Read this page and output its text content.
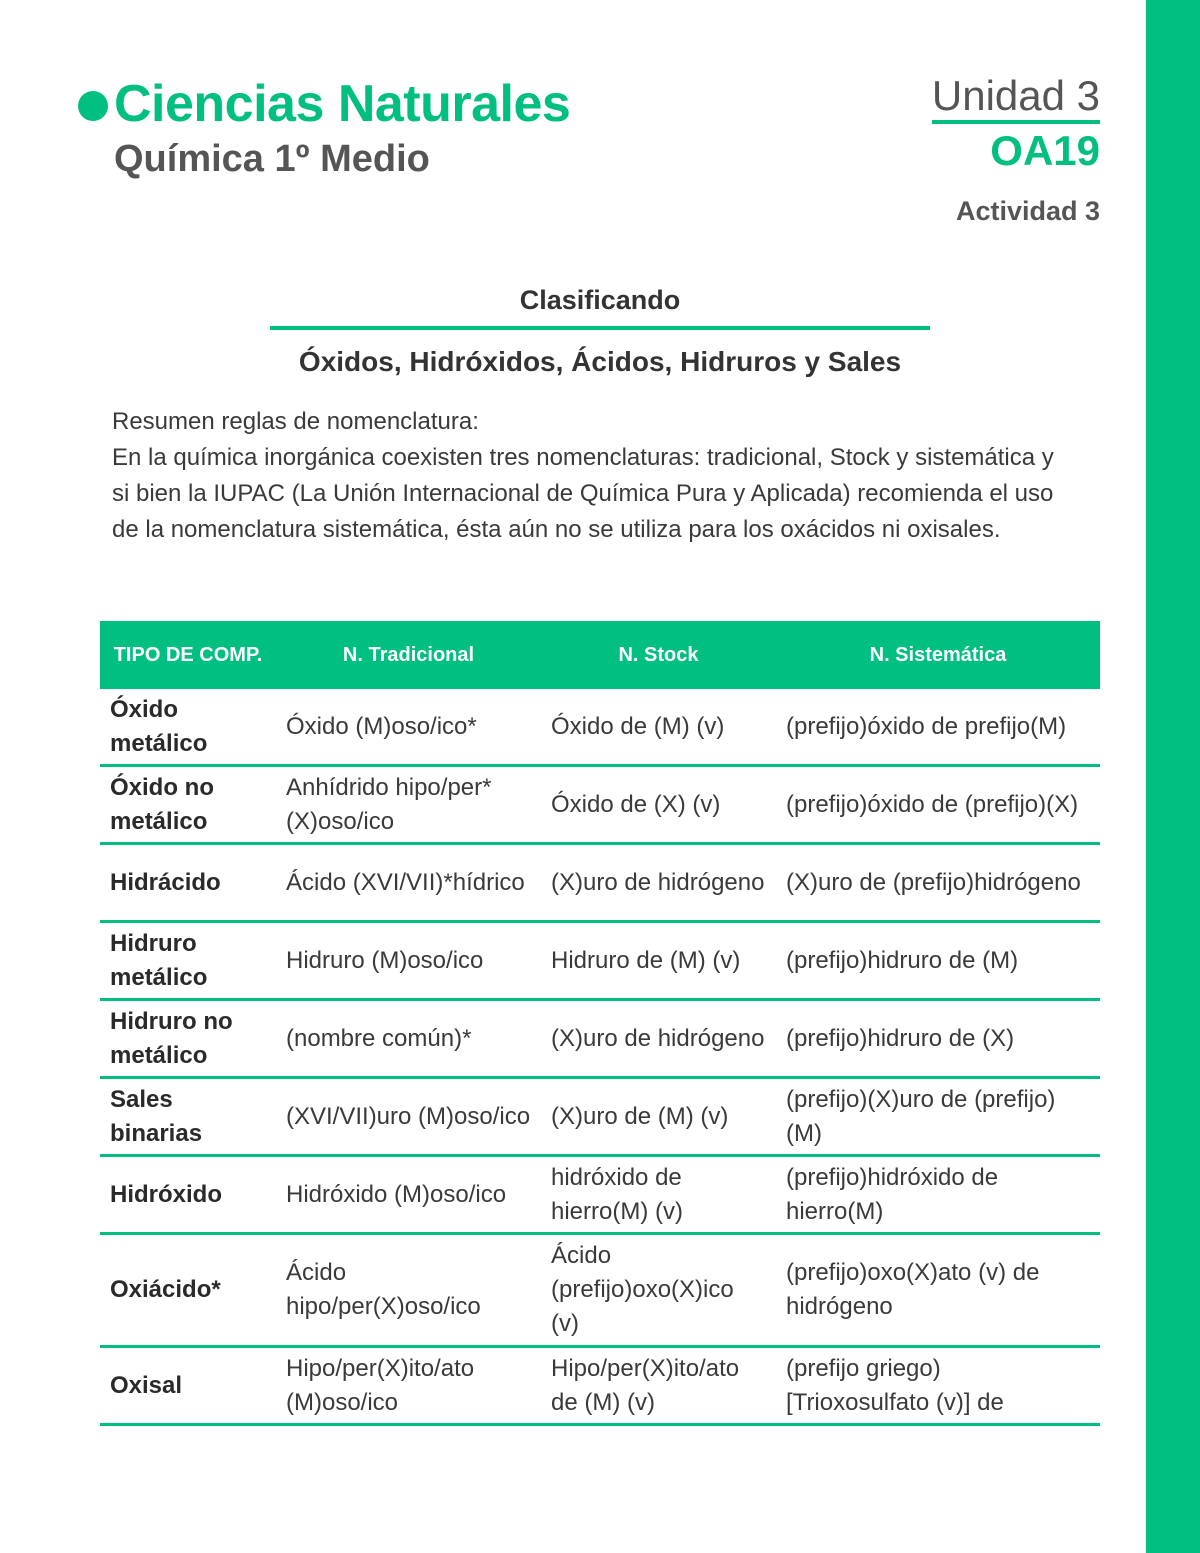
Ciencias Naturales
Química 1º Medio
Unidad 3
OA19
Actividad 3
Clasificando
Óxidos, Hidróxidos, Ácidos, Hidruros y Sales

Resumen reglas de nomenclatura:

En la química inorgánica coexisten tres nomenclaturas: tradicional, Stock y sistemática y si bien la IUPAC (La Unión Internacional de Química Pura y Aplicada) recomienda el uso de la nomenclatura sistemática, ésta aún no se utiliza para los oxácidos ni oxisales.

TIPO DE COMP.	N. Tradicional	N. Stock	N. Sistemática
Óxido metálico	Óxido (M)oso/ico*	Óxido de (M) (v)	(prefijo)óxido de prefijo(M)
Óxido no metálico	Anhídrido hipo/per*(X)oso/ico	Óxido de (X) (v)	(prefijo)óxido de (prefijo)(X)
Hidrácido	Ácido (XVI/VII)*hídrico	(X)uro de hidrógeno	(X)uro de (prefijo)hidrógeno
Hidruro metálico	Hidruro (M)oso/ico	Hidruro de (M) (v)	(prefijo)hidruro de (M)
Hidruro no metálico	(nombre común)*	(X)uro de hidrógeno	(prefijo)hidruro de (X)
Sales binarias	(XVI/VII)uro (M)oso/ico	(X)uro de (M) (v)	(prefijo)(X)uro de (prefijo)(M)
Hidróxido	Hidróxido (M)oso/ico	hidróxido de hierro(M) (v)	(prefijo)hidróxido de hierro(M)
Oxiácido*	Ácido hipo/per(X)oso/ico	Ácido (prefijo)oxo(X)ico (v)	(prefijo)oxo(X)ato (v) de hidrógeno
Oxisal	Hipo/per(X)ito/ato (M)oso/ico	Hipo/per(X)ito/ato de (M) (v)	(prefijo griego) [Trioxosulfato (v)] de
